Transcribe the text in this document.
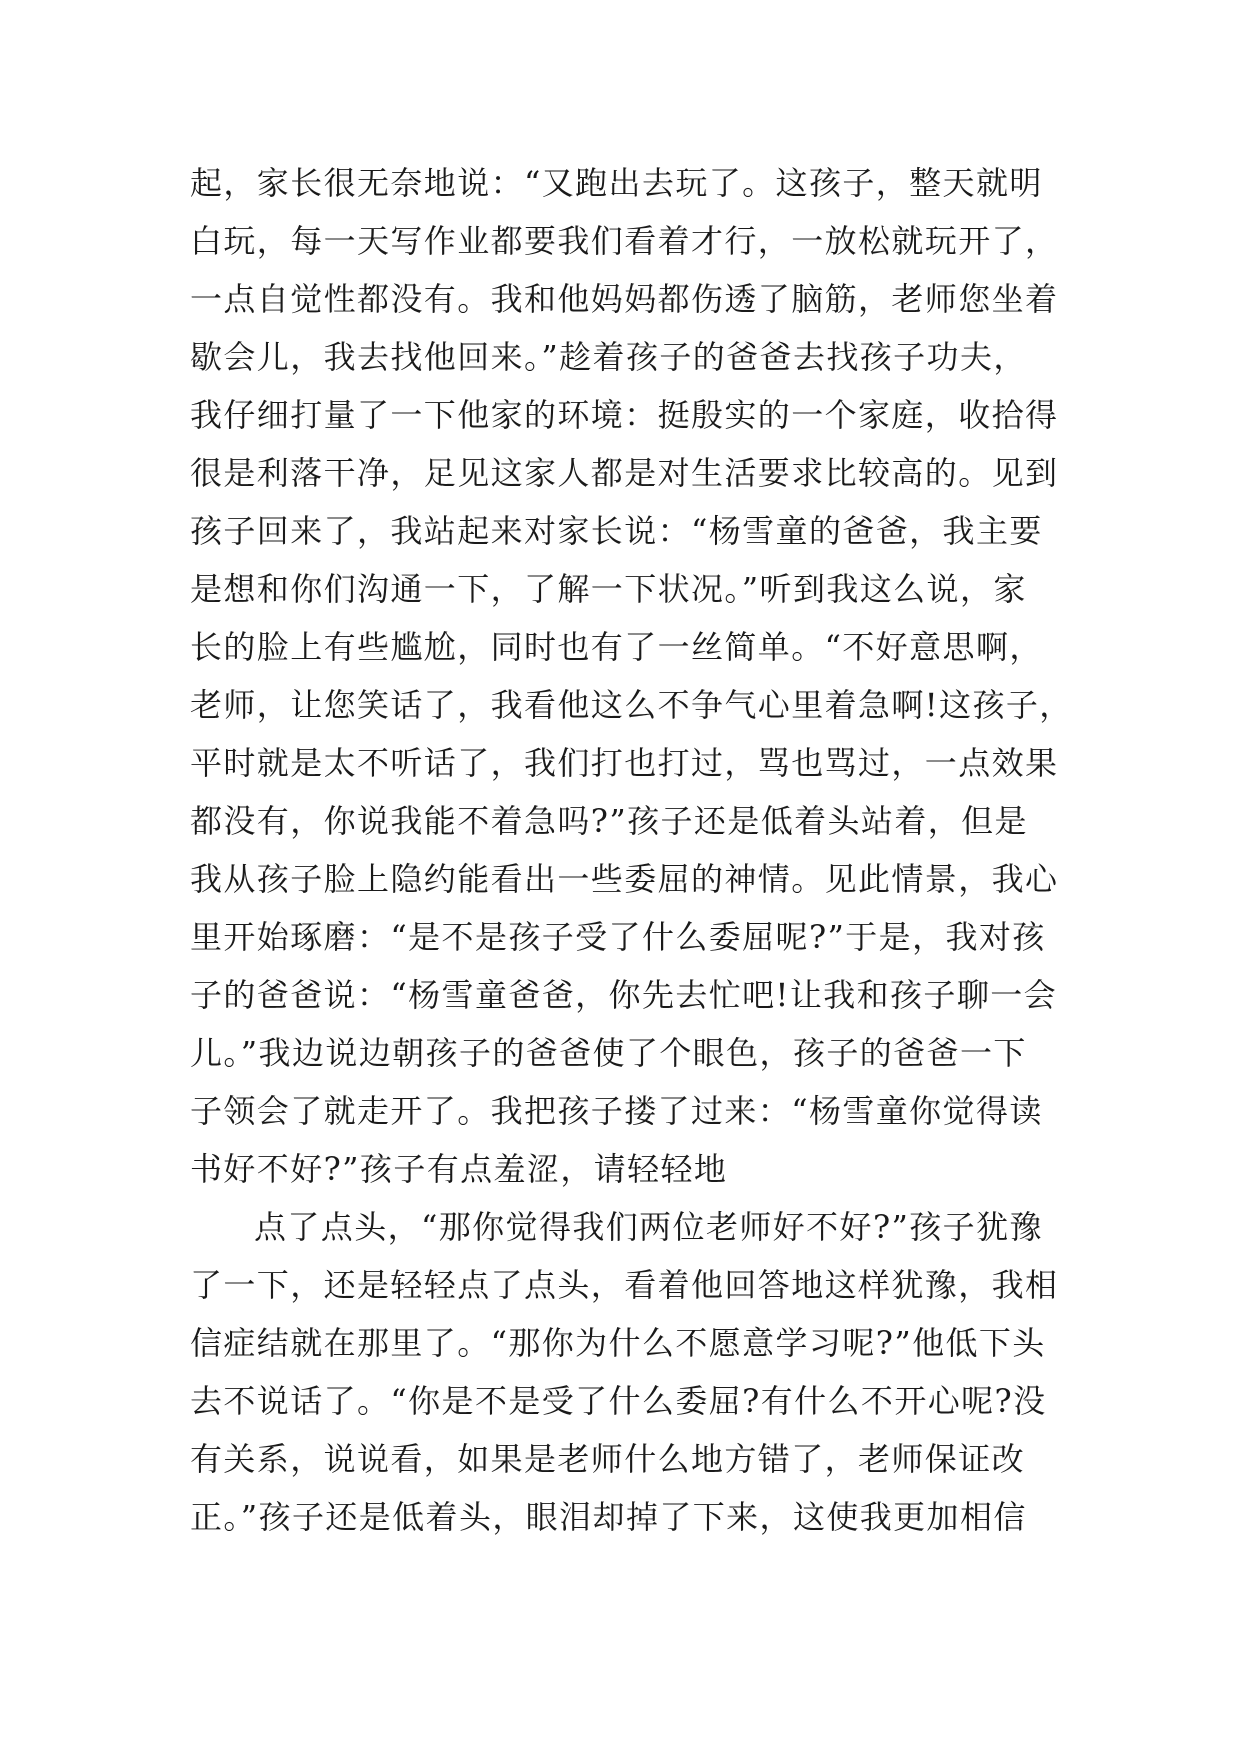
起，家长很无奈地说：“又跑出去玩了。这孩子，整天就明
白玩，每一天写作业都要我们看着才行，一放松就玩开了，
一点自觉性都没有。我和他妈妈都伤透了脑筋，老师您坐着
歇会儿，我去找他回来。”趁着孩子的爸爸去找孩子功夫，
我仔细打量了一下他家的环境：挺殷实的一个家庭，收拾得
很是利落干净，足见这家人都是对生活要求比较高的。见到
孩子回来了，我站起来对家长说：“杨雪童的爸爸，我主要
是想和你们沟通一下，了解一下状况。”听到我这么说，家
长的脸上有些尴尬，同时也有了一丝简单。“不好意思啊，
老师，让您笑话了，我看他这么不争气心里着急啊!这孩子，
平时就是太不听话了，我们打也打过，骂也骂过，一点效果
都没有，你说我能不着急吗?”孩子还是低着头站着，但是
我从孩子脸上隐约能看出一些委屈的神情。见此情景，我心
里开始琢磨：“是不是孩子受了什么委屈呢?”于是，我对孩
子的爸爸说：“杨雪童爸爸，你先去忙吧!让我和孩子聊一会
儿。”我边说边朝孩子的爸爸使了个眼色，孩子的爸爸一下
子领会了就走开了。我把孩子搂了过来：“杨雪童你觉得读
书好不好?”孩子有点羞涩，请轻轻地
点了点头，“那你觉得我们两位老师好不好?”孩子犹豫
了一下，还是轻轻点了点头，看着他回答地这样犹豫，我相
信症结就在那里了。“那你为什么不愿意学习呢?”他低下头
去不说话了。“你是不是受了什么委屈?有什么不开心呢?没
有关系，说说看，如果是老师什么地方错了，老师保证改
正。”孩子还是低着头，眼泪却掉了下来，这使我更加相信
